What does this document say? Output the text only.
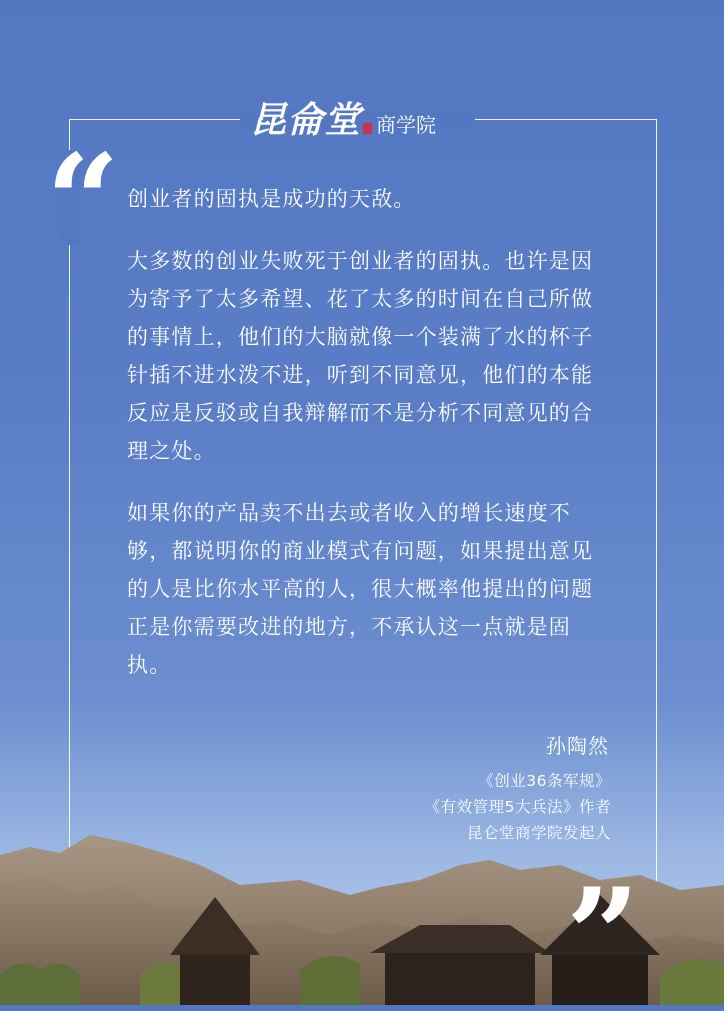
昆侖堂 商学院
“ 创业者的固执是成功的天敌。

大多数的创业失败死于创业者的固执。也许是因为寄予了太多希望、花了太多的时间在自己所做的事情上，他们的大脑就像一个装满了水的杯子针插不进水泼不进，听到不同意见，他们的本能反应是反驳或自我辩解而不是分析不同意见的合理之处。

如果你的产品卖不出去或者收入的增长速度不够，都说明你的商业模式有问题，如果提出意见的人是比你水平高的人，很大概率他提出的问题正是你需要改进的地方，不承认这一点就是固执。

孙陶然
《创业36条军规》
《有效管理5大兵法》作者
昆仑堂商学院发起人
”
